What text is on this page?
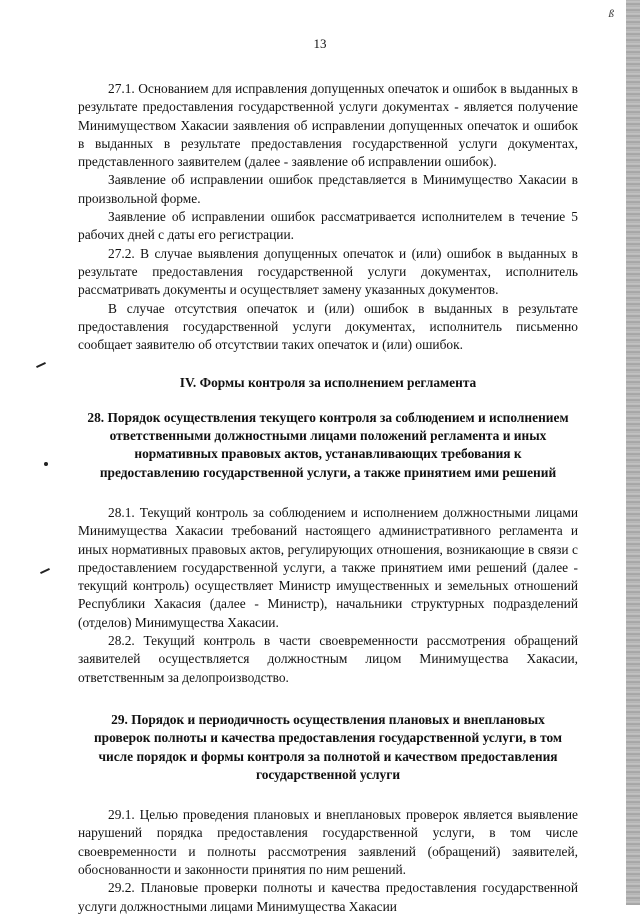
ß
13

27.1. Основанием для исправления допущенных опечаток и ошибок в выданных в результате предоставления государственной услуги документах - является получение Минимуществом Хакасии заявления об исправлении допущенных опечаток и ошибок в выданных в результате предоставления государственной услуги документах, представленного заявителем (далее - заявление об исправлении ошибок).

Заявление об исправлении ошибок представляется в Минимущество Хакасии в произвольной форме.

Заявление об исправлении ошибок рассматривается исполнителем в течение 5 рабочих дней с даты его регистрации.

27.2. В случае выявления допущенных опечаток и (или) ошибок в выданных в результате предоставления государственной услуги документах, исполнитель рассматривать документы и осуществляет замену указанных документов.

В случае отсутствия опечаток и (или) ошибок в выданных в результате предоставления государственной услуги документах, исполнитель письменно сообщает заявителю об отсутствии таких опечаток и (или) ошибок.

IV. Формы контроля за исполнением регламента

28. Порядок осуществления текущего контроля за соблюдением и исполнением ответственными должностными лицами положений регламента и иных нормативных правовых актов, устанавливающих требования к предоставлению государственной услуги, а также принятием ими решений

28.1. Текущий контроль за соблюдением и исполнением должностными лицами Минимущества Хакасии требований настоящего административного регламента и иных нормативных правовых актов, регулирующих отношения, возникающие в связи с предоставлением государственной услуги, а также принятием ими решений (далее - текущий контроль) осуществляет Министр имущественных и земельных отношений Республики Хакасия (далее - Министр), начальники структурных подразделений (отделов) Минимущества Хакасии.

28.2. Текущий контроль в части своевременности рассмотрения обращений заявителей осуществляется должностным лицом Минимущества Хакасии, ответственным за делопроизводство.

29. Порядок и периодичность осуществления плановых и внеплановых проверок полноты и качества предоставления государственной услуги, в том числе порядок и формы контроля за полнотой и качеством предоставления государственной услуги

29.1. Целью проведения плановых и внеплановых проверок является выявление нарушений порядка предоставления государственной услуги, в том числе своевременности и полноты рассмотрения заявлений (обращений) заявителей, обоснованности и законности принятия по ним решений.

29.2. Плановые проверки полноты и качества предоставления государственной услуги должностными лицами Минимущества Хакасии
